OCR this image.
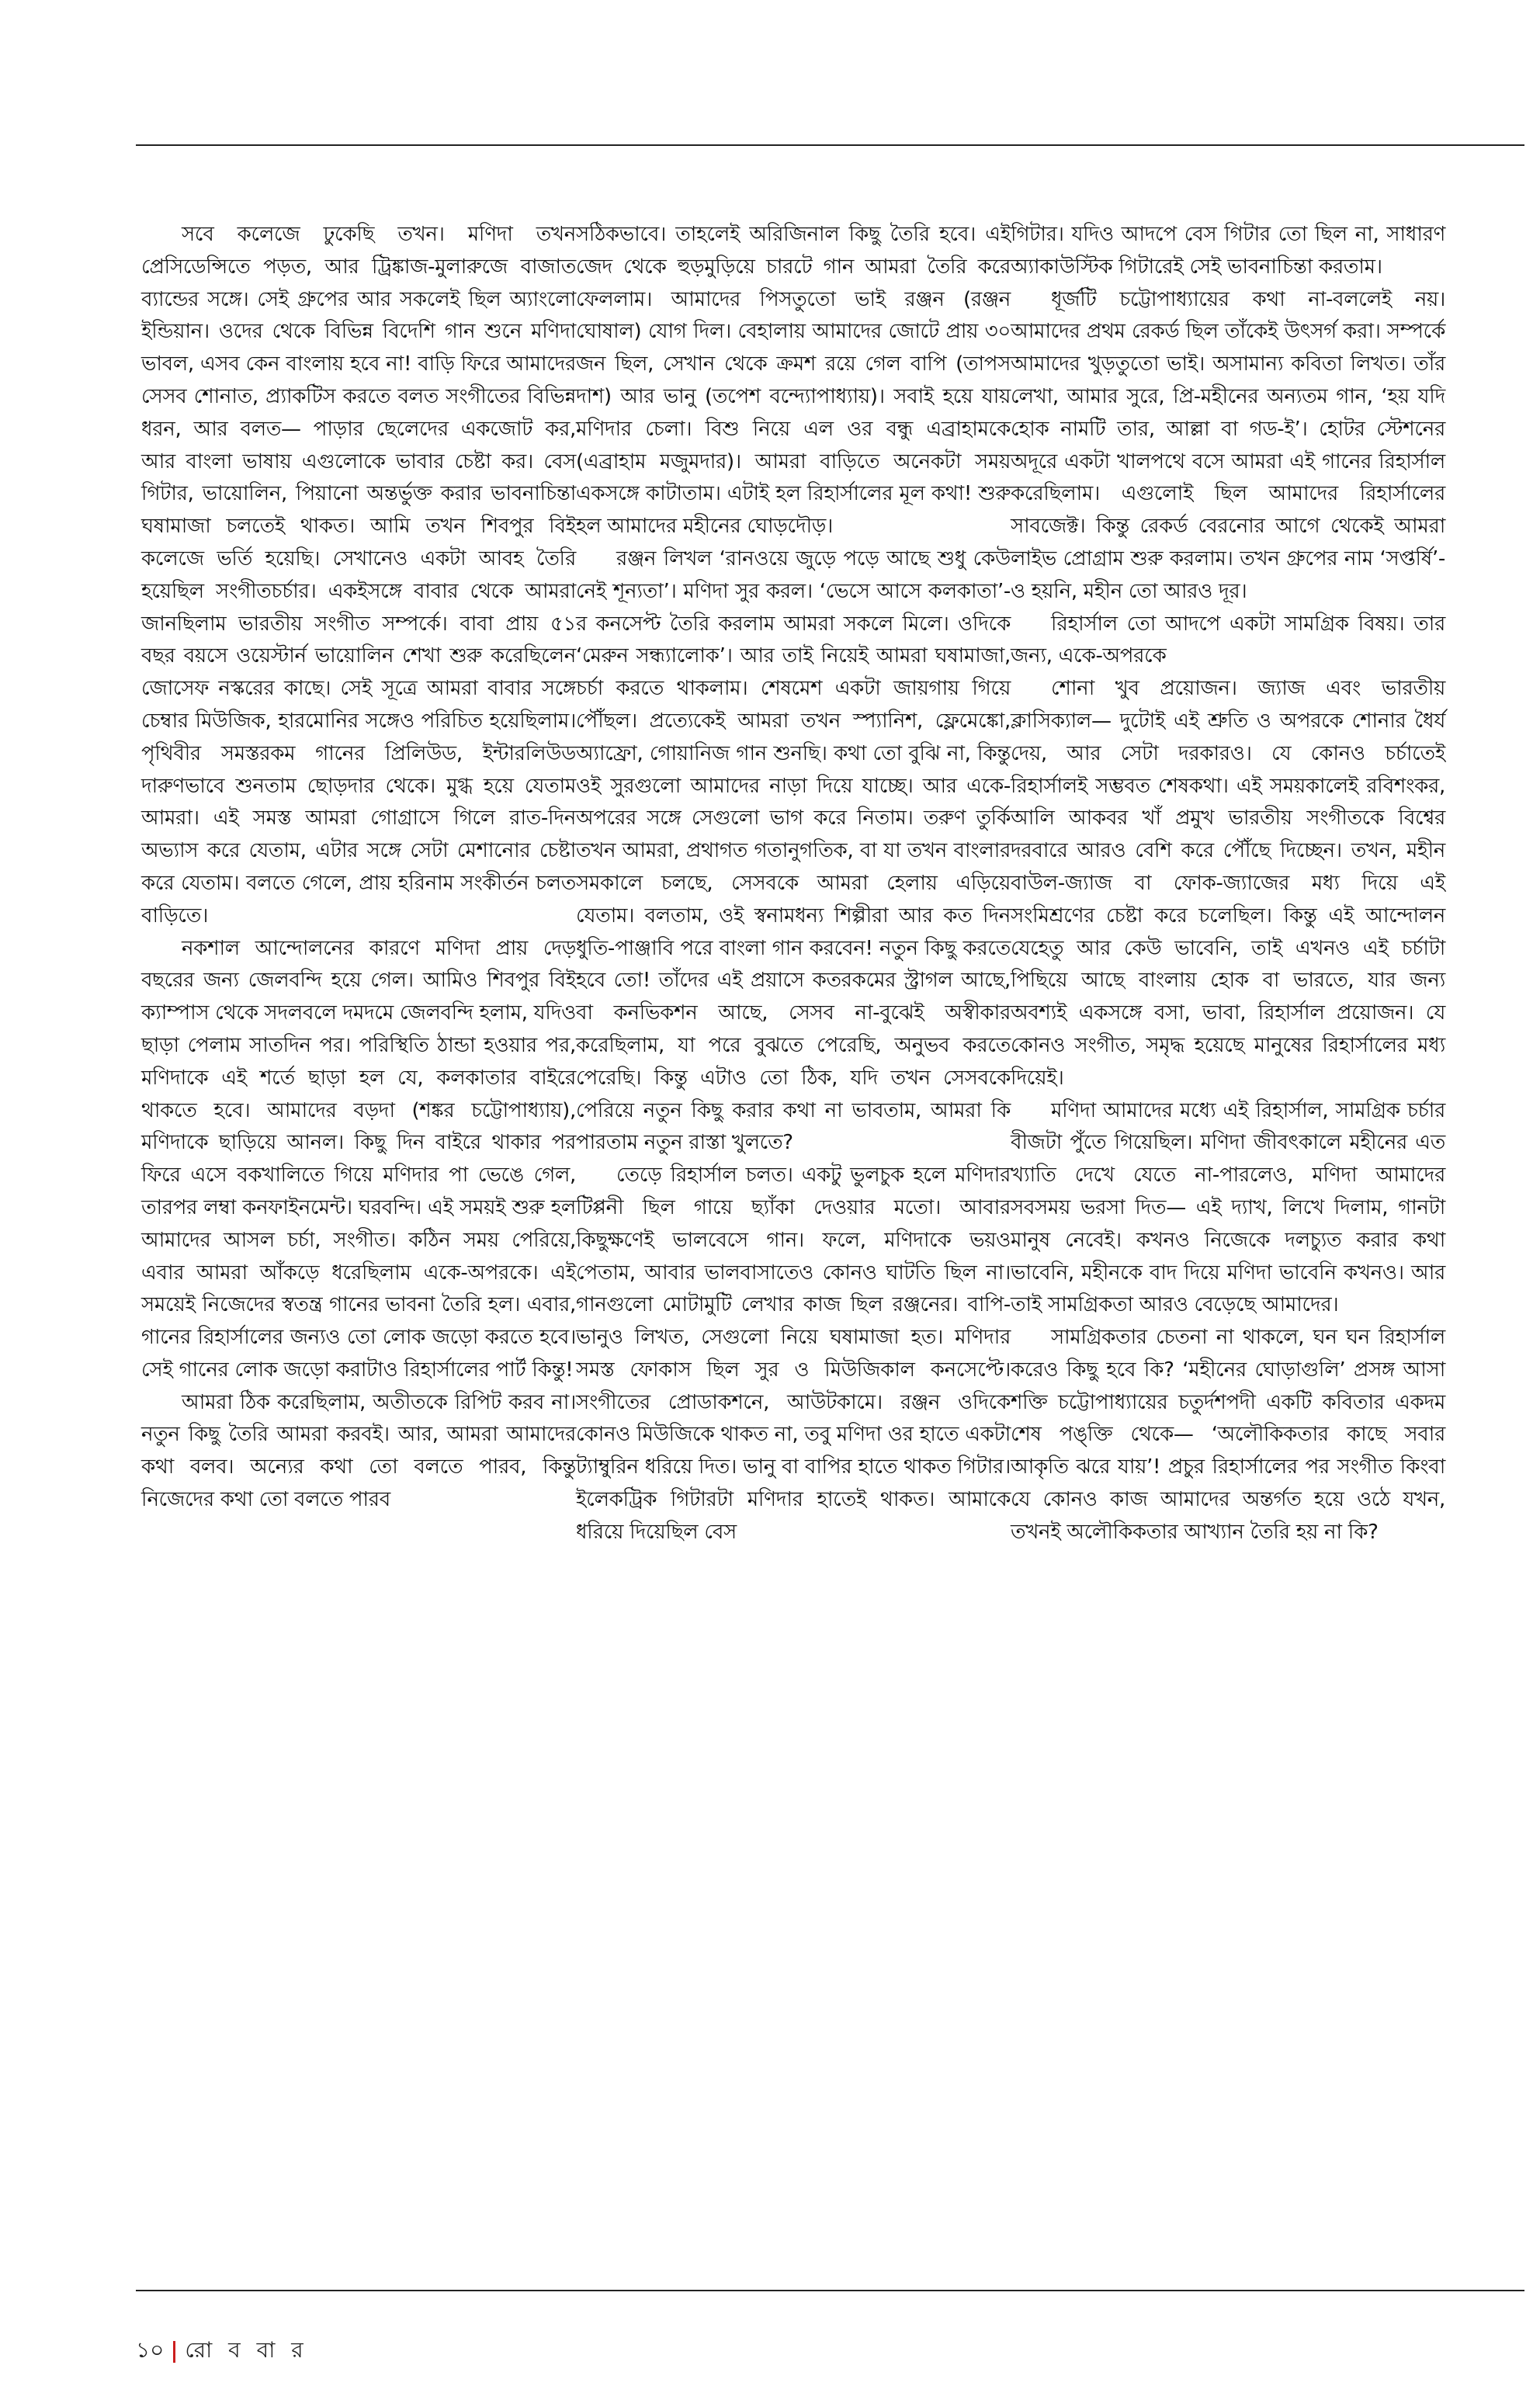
সবে কলেজে ঢুকেছি তখন। মণিদা তখন প্রেসিডেন্সিতে পড়ত, আর ট্রিঙ্কাজ-মুলারুজে বাজাত ব্যান্ডের সঙ্গে। সেই গ্রুপের আর সকলেই ছিল অ্যাংলো ইন্ডিয়ান। ওদের থেকে বিভিন্ন বিদেশি গান শুনে মণিদা ভাবল, এসব কেন বাংলায় হবে না! বাড়ি ফিরে আমাদের সেসব শোনাত, প্র্যাকটিস করতে বলত সংগীতের বিভিন্ন ধরন, আর বলত— পাড়ার ছেলেদের একজোট কর, আর বাংলা ভাষায় এগুলোকে ভাবার চেষ্টা কর। বেস গিটার, ভায়োলিন, পিয়ানো অন্তর্ভুক্ত করার ভাবনাচিন্তা ঘষামাজা চলতেই থাকত। আমি তখন শিবপুর বিই কলেজে ভর্তি হয়েছি। সেখানেও একটা আবহ তৈরি হয়েছিল সংগীতচর্চার। একইসঙ্গে বাবার থেকে আমরা জানছিলাম ভারতীয় সংগীত সম্পর্কে। বাবা প্রায় ৫১ বছর বয়সে ওয়েস্টার্ন ভায়োলিন শেখা শুরু করেছিলেন জোসেফ নস্করের কাছে। সেই সূত্রে আমরা বাবার সঙ্গে চেম্বার মিউজিক, হারমোনির সঙ্গেও পরিচিত হয়েছিলাম। পৃথিবীর সমস্তরকম গানের প্রিলিউড, ইন্টারলিউড দারুণভাবে শুনতাম ছোড়দার থেকে। মুগ্ধ হয়ে যেতাম আমরা। এই সমস্ত আমরা গোগ্রাসে গিলে রাত-দিন অভ্যাস করে যেতাম, এটার সঙ্গে সেটা মেশানোর চেষ্টা করে যেতাম। বলতে গেলে, প্রায় হরিনাম সংকীর্তন চলত বাড়িতে।

নকশাল আন্দোলনের কারণে মণিদা প্রায় দেড় বছরের জন্য জেলবন্দি হয়ে গেল। আমিও শিবপুর বিই ক্যাম্পাস থেকে সদলবলে দমদমে জেলবন্দি হলাম, যদিও ছাড়া পেলাম সাতদিন পর। পরিস্থিতি ঠান্ডা হওয়ার পর, মণিদাকে এই শর্তে ছাড়া হল যে, কলকাতার বাইরে থাকতে হবে। আমাদের বড়দা (শঙ্কর চট্টোপাধ্যায়), মণিদাকে ছাড়িয়ে আনল। কিছু দিন বাইরে থাকার পর ফিরে এসে বকখালিতে গিয়ে মণিদার পা ভেঙে গেল, তারপর লম্বা কনফাইনমেন্ট। ঘরবন্দি। এই সময়ই শুরু হল আমাদের আসল চর্চা, সংগীত। কঠিন সময় পেরিয়ে, এবার আমরা আঁকড়ে ধরেছিলাম একে-অপরকে। এই সময়েই নিজেদের স্বতন্ত্র গানের ভাবনা তৈরি হল। এবার, গানের রিহার্সালের জন্যও তো লোক জড়ো করতে হবে। সেই গানের লোক জড়ো করাটাও রিহার্সালের পার্ট কিন্তু!

আমরা ঠিক করেছিলাম, অতীতকে রিপিট করব না। নতুন কিছু তৈরি আমরা করবই। আর, আমরা আমাদের কথা বলব। অন্যের কথা তো বলতে পারব, কিন্তু নিজেদের কথা তো বলতে পারব

সঠিকভাবে। তাহলেই অরিজিনাল কিছু তৈরি হবে। এই জেদ থেকে হুড়মুড়িয়ে চারটে গান আমরা তৈরি করে ফেললাম। আমাদের পিসতুতো ভাই রঞ্জন (রঞ্জন ঘোষাল) যোগ দিল। বেহালায় আমাদের জোটে প্রায় ৩০ জন ছিল, সেখান থেকে ক্রমশ রয়ে গেল বাপি (তাপস দাশ) আর ভানু (তপেশ বন্দ্যোপাধ্যায়)। সবাই হয়ে যায় মণিদার চেলা। বিশু নিয়ে এল ওর বন্ধু এব্রাহামকে (এব্রাহাম মজুমদার)। আমরা বাড়িতে অনেকটা সময় একসঙ্গে কাটাতাম। এটাই হল রিহার্সালের মূল কথা! শুরু হল আমাদের মহীনের ঘোড়দৌড়।

রঞ্জন লিখল ‘রানওয়ে জুড়ে পড়ে আছে শুধু কেউ নেই শূন্যতা’। মণিদা সুর করল। ‘ভেসে আসে কলকাতা’-র কনসেপ্ট তৈরি করলাম আমরা সকলে মিলে। ওদিকে ‘মেরুন সন্ধ্যালোক’। আর তাই নিয়েই আমরা ঘষামাজা, চর্চা করতে থাকলাম। শেষমেশ একটা জায়গায় গিয়ে পৌঁছল। প্রত্যেকেই আমরা তখন স্প্যানিশ, ফ্লেমেঙ্কো, অ্যাফ্রো, গোয়ানিজ গান শুনছি। কথা তো বুঝি না, কিন্তু ওই সুরগুলো আমাদের নাড়া দিয়ে যাচ্ছে। আর একে-অপরের সঙ্গে সেগুলো ভাগ করে নিতাম। তরুণ তুর্কি তখন আমরা, প্রথাগত গতানুগতিক, বা যা তখন বাংলার সমকালে চলছে, সেসবকে আমরা হেলায় এড়িয়ে যেতাম। বলতাম, ওই স্বনামধন্য শিল্পীরা আর কত দিন ধুতি-পাঞ্জাবি পরে বাংলা গান করবেন! নতুন কিছু করতে হবে তো! তাঁদের এই প্রয়াসে কতরকমের স্ট্রাগল আছে, বা কনভিকশন আছে, সেসব না-বুঝেই অস্বীকার করেছিলাম, যা পরে বুঝতে পেরেছি, অনুভব করতে পেরেছি। কিন্তু এটাও তো ঠিক, যদি তখন সেসবকে পেরিয়ে নতুন কিছু করার কথা না ভাবতাম, আমরা কি পারতাম নতুন রাস্তা খুলতে?

তেড়ে রিহার্সাল চলত। একটু ভুলচুক হলে মণিদার টিপ্পনী ছিল গায়ে ছ্যাঁকা দেওয়ার মতো। আবার কিছুক্ষণেই ভালবেসে গান। ফলে, মণিদাকে ভয়ও পেতাম, আবার ভালবাসাতেও কোনও ঘাটতি ছিল না। গানগুলো মোটামুটি লেখার কাজ ছিল রঞ্জনের। বাপি-ভানুও লিখত, সেগুলো নিয়ে ঘষামাজা হত। মণিদার সমস্ত ফোকাস ছিল সুর ও মিউজিকাল কনসেপ্টে। সংগীতের প্রোডাকশনে, আউটকামে। রঞ্জন ওদিকে কোনও মিউজিকে থাকত না, তবু মণিদা ওর হাতে একটা ট্যাম্বুরিন ধরিয়ে দিত। ভানু বা বাপির হাতে থাকত গিটার। ইলেকট্রিক গিটারটা মণিদার হাতেই থাকত। আমাকে ধরিয়ে দিয়েছিল বেস

গিটার। যদিও আদপে বেস গিটার তো ছিল না, সাধারণ অ্যাকাউস্টিক গিটারেই সেই ভাবনাচিন্তা করতাম।

ধূর্জটি চট্টোপাধ্যায়ের কথা না-বললেই নয়। আমাদের প্রথম রেকর্ড ছিল তাঁকেই উৎসর্গ করা। সম্পর্কে আমাদের খুড়তুতো ভাই। অসামান্য কবিতা লিখত। তাঁর লেখা, আমার সুরে, প্রি-মহীনের অন্যতম গান, ‘হয় যদি হোক নামটি তার, আল্লা বা গড-ই’। হোটর স্টেশনের অদূরে একটা খালপথে বসে আমরা এই গানের রিহার্সাল করেছিলাম। এগুলোই ছিল আমাদের রিহার্সালের সাবজেক্ট। কিন্তু রেকর্ড বেরনোর আগে থেকেই আমরা লাইভ প্রোগ্রাম শুরু করলাম। তখন গ্রুপের নাম ‘সপ্তর্ষি’-ও হয়নি, মহীন তো আরও দূর।

রিহার্সাল তো আদপে একটা সামগ্রিক বিষয়। তার জন্য, একে-অপরকে

শোনা খুব প্রয়োজন। জ্যাজ এবং ভারতীয় ক্লাসিক্যাল— দুটোই এই শ্রুতি ও অপরকে শোনার ধৈর্য দেয়, আর সেটা দরকারও। যে কোনও চর্চাতেই রিহার্সালই সম্ভবত শেষকথা। এই সময়কালেই রবিশংকর, আলি আকবর খাঁ প্রমুখ ভারতীয় সংগীতকে বিশ্বের দরবারে আরও বেশি করে পৌঁছে দিচ্ছেন। তখন, মহীন বাউল-জ্যাজ বা ফোক-জ্যাজের মধ্য দিয়ে এই সংমিশ্রণের চেষ্টা করে চলেছিল। কিন্তু এই আন্দোলন যেহেতু আর কেউ ভাবেনি, তাই এখনও এই চর্চাটা পিছিয়ে আছে বাংলায় হোক বা ভারতে, যার জন্য অবশ্যই একসঙ্গে বসা, ভাবা, রিহার্সাল প্রয়োজন। যে কোনও সংগীত, সমৃদ্ধ হয়েছে মানুষের রিহার্সালের মধ্য দিয়েই।

মণিদা আমাদের মধ্যে এই রিহার্সাল, সামগ্রিক চর্চার বীজটা পুঁতে গিয়েছিল। মণিদা জীবৎকালে মহীনের এত খ্যাতি দেখে যেতে না-পারলেও, মণিদা আমাদের সবসময় ভরসা দিত— এই দ্যাখ, লিখে দিলাম, গানটা মানুষ নেবেই। কখনও নিজেকে দলচ্যুত করার কথা ভাবেনি, মহীনকে বাদ দিয়ে মণিদা ভাবেনি কখনও। আর তাই সামগ্রিকতা আরও বেড়েছে আমাদের।

সামগ্রিকতার চেতনা না থাকলে, ঘন ঘন রিহার্সাল করেও কিছু হবে কি? ‘মহীনের ঘোড়াগুলি’ প্রসঙ্গ আসা শক্তি চট্টোপাধ্যায়ের চতুর্দশপদী একটি কবিতার একদম শেষ পঙ্‌ক্তি থেকে— ‘অলৌকিকতার কাছে সবার আকৃতি ঝরে যায়’! প্রচুর রিহার্সালের পর সংগীত কিংবা যে কোনও কাজ আমাদের অন্তর্গত হয়ে ওঠে যখন, তখনই অলৌকিকতার আখ্যান তৈরি হয় না কি?

১০ রো ব বা র
